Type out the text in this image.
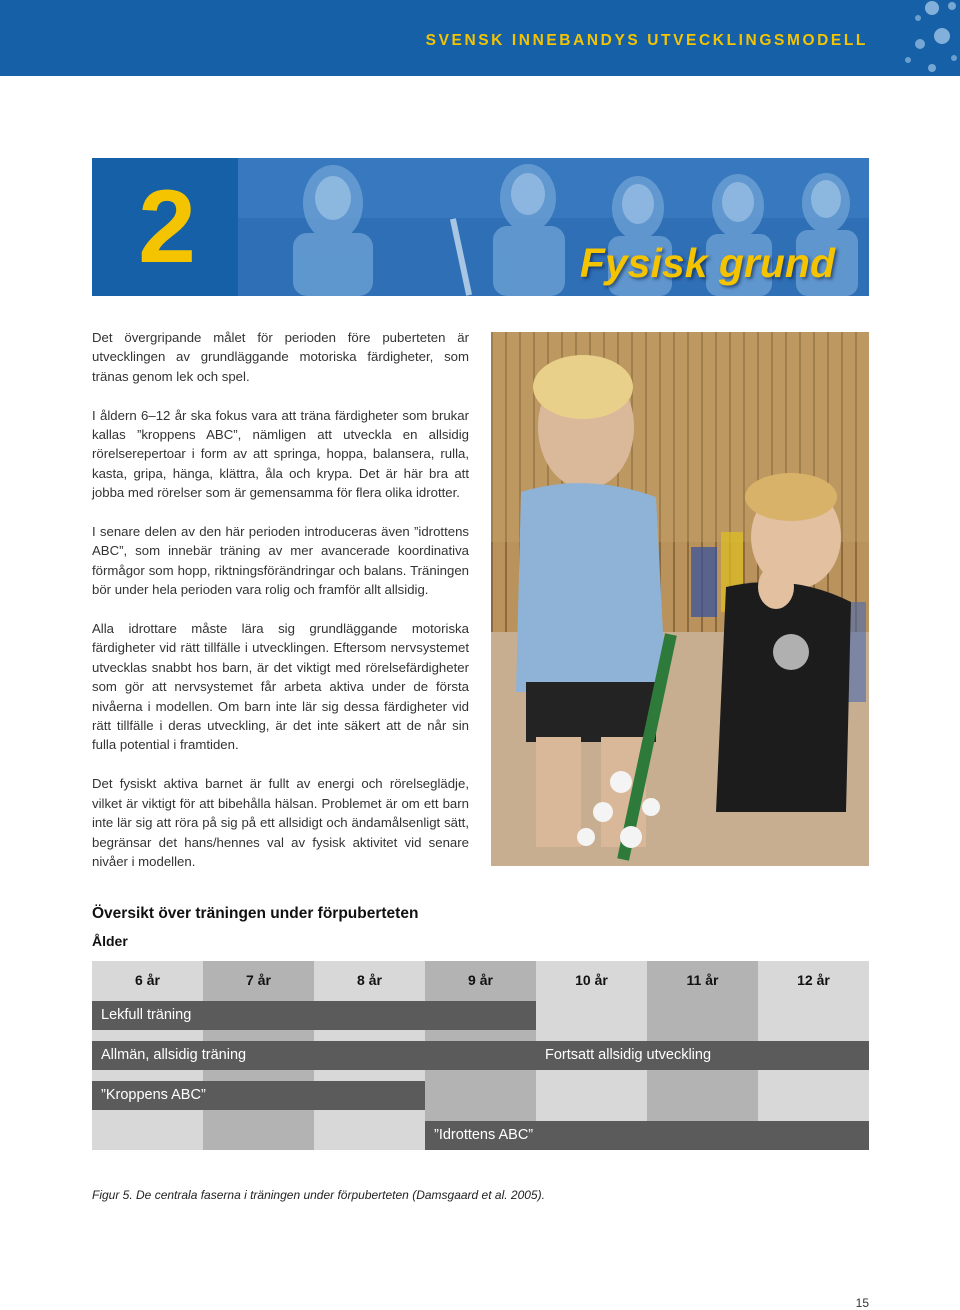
SVENSK INNEBANDYS UTVECKLINGSMODELL
2	Fysisk grund

Det övergripande målet för perioden före puberteten är utvecklingen av grundläggande motoriska färdigheter, som tränas genom lek och spel.

I åldern 6–12 år ska fokus vara att träna färdigheter som brukar kallas ”kroppens ABC”, nämligen att utveckla en allsidig rörelserepertoar i form av att springa, hoppa, balansera, rulla, kasta, gripa, hänga, klättra, åla och krypa. Det är här bra att jobba med rörelser som är gemensamma för flera olika idrotter.

I senare delen av den här perioden introduceras även ”idrottens ABC”, som innebär träning av mer avancerade koordinativa förmågor som hopp, riktningsförändringar och balans. Träningen bör under hela perioden vara rolig och framför allt allsidig.

Alla idrottare måste lära sig grundläggande motoriska färdigheter vid rätt tillfälle i utvecklingen. Eftersom nervsystemet utvecklas snabbt hos barn, är det viktigt med rörelsefärdigheter som gör att nervsystemet får arbeta aktiva under de första nivåerna i modellen. Om barn inte lär sig dessa färdigheter vid rätt tillfälle i deras utveckling, är det inte säkert att de når sin fulla potential i framtiden.

Det fysiskt aktiva barnet är fullt av energi och rörelseglädje, vilket är viktigt för att bibehålla hälsan. Problemet är om ett barn inte lär sig att röra på sig på ett allsidigt och ändamålsenligt sätt, begränsar det hans/hennes val av fysisk aktivitet vid senare nivåer i modellen.

Översikt över träningen under förpuberteten
Ålder
6 år	7 år	8 år	9 år	10 år	11 år	12 år
Lekfull träning
Allmän, allsidig träning	Fortsatt allsidig utveckling
”Kroppens ABC”
”Idrottens ABC”
Figur 5. De centrala faserna i träningen under förpuberteten (Damsgaard et al. 2005).
15
